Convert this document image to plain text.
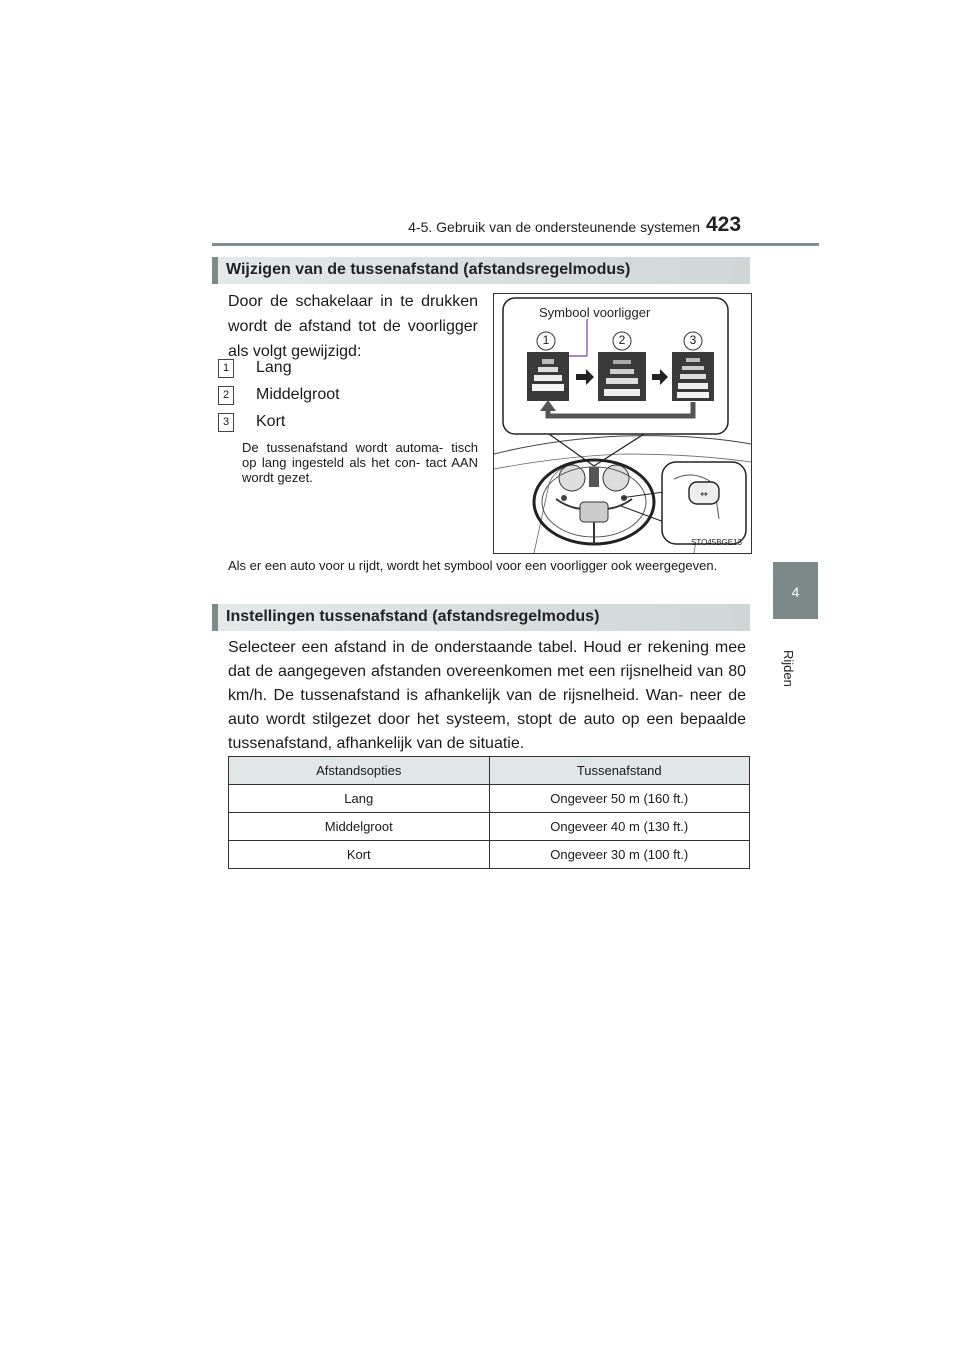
4-5. Gebruik van de ondersteunende systemen 423
4
Rijden
Wijzigen van de tussenafstand (afstandsregelmodus)
Door de schakelaar in te drukken wordt de afstand tot de voorligger als volgt gewijzigd:
1	Lang
2	Middelgroot
3	Kort
De tussenafstand wordt automa- tisch op lang ingesteld als het con- tact AAN wordt gezet.
⇔
Symbool voorligger
1	2	3
STO45BGE13
Als er een auto voor u rijdt, wordt het symbool voor een voorligger ook weergegeven.
Instellingen tussenafstand (afstandsregelmodus)
Selecteer een afstand in de onderstaande tabel. Houd er rekening mee dat de aangegeven afstanden overeenkomen met een rijsnelheid van 80 km/h. De tussenafstand is afhankelijk van de rijsnelheid. Wan- neer de auto wordt stilgezet door het systeem, stopt de auto op een bepaalde tussenafstand, afhankelijk van de situatie.
Afstandsopties	Tussenafstand
Lang	Ongeveer 50 m (160 ft.)
Middelgroot	Ongeveer 40 m (130 ft.)
Kort	Ongeveer 30 m (100 ft.)
